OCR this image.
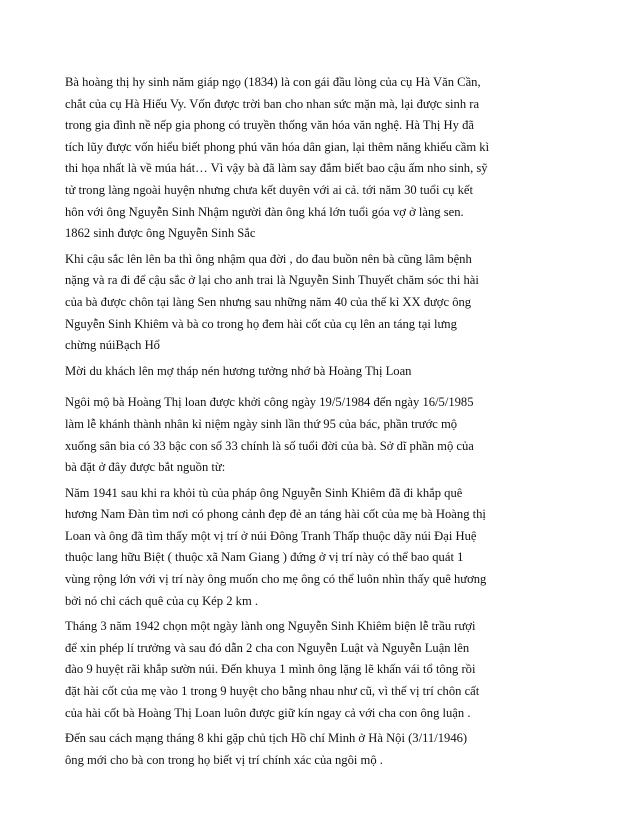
Bà hoàng thị hy sinh năm giáp ngọ (1834) là con gái đầu lòng của cụ Hà Văn Cần,
chắt của cụ Hà Hiếu Vy. Vốn được trời ban cho nhan sức mặn mà, lại được sinh ra
trong gia đình nề nếp gia phong có truyền thống văn hóa văn nghệ. Hà Thị Hy đã
tích lũy được vốn hiểu biết phong phú văn hóa dân gian, lại thêm năng khiếu cầm kì
thi họa nhất là về múa hát… Vì vậy bà đã làm say đắm biết bao cậu ấm nho sinh, sỹ
tử trong làng ngoài huyện nhưng chưa kết duyên với ai cả. tới năm 30 tuổi cụ kết
hôn với ông Nguyễn Sinh Nhậm người đàn ông khá lớn tuổi góa vợ ở làng sen.
1862 sinh được ông Nguyễn Sinh Sắc

Khi cậu sắc lên lên ba thì ông nhậm qua đời , do đau buồn nên bà cũng lâm bệnh
nặng và ra đi để cậu sắc ở lại cho anh trai là Nguyễn Sinh Thuyết chăm sóc thi hài
của bà được chôn tại làng Sen nhưng sau những năm 40 của thế kỉ XX được ông
Nguyễn Sinh Khiêm và bà co trong họ đem hài cốt của cụ lên an táng tại lưng
chừng núiBạch Hổ

Mời du khách lên mợ tháp nén hương tưởng nhớ bà Hoàng Thị Loan

Ngôi mộ bà Hoàng Thị loan được khởi công ngày 19/5/1984 đến ngày 16/5/1985
làm lễ khánh thành nhân kỉ niệm ngày sinh lần thứ 95 của bác, phần trước mộ
xuống sân bia có 33 bậc con số 33 chính là số tuổi đời của bà. Sở dĩ phần mộ của
bà đặt ở đây được bắt nguồn từ:

Năm 1941 sau khi ra khỏi tù của pháp ông Nguyễn Sinh Khiêm đã đi khắp quê
hương Nam Đàn tìm nơi có phong cảnh đẹp đẻ an táng hài cốt của mẹ bà Hoàng thị
Loan và ông đã tìm thấy một vị trí ở núi Đông Tranh Thấp thuộc dãy núi Đại Huệ
thuộc lang hữu Biệt ( thuộc xã Nam Giang ) đứng ở vị trí này có thể bao quát 1
vùng rộng lớn với vị trí này ông muốn cho mẹ ông có thể luôn nhìn thấy quê hương
bởi nó chỉ cách quê của cụ Kép 2 km .

Tháng 3 năm 1942 chọn một ngày lành ong Nguyễn Sinh Khiêm biện lễ trầu rượi
để xin phép lí trưởng và sau đó dẫn 2 cha con Nguyễn Luật và Nguyễn Luận lên
đào 9 huyệt rãi khắp sườn núi. Đến khuya 1 mình ông lặng lẽ khấn vái tổ tông rồi
đặt hài cốt của mẹ vào 1 trong 9 huyệt cho bằng nhau như cũ, vì thế vị trí chôn cất
của hài cốt bà Hoàng Thị Loan luôn được giữ kín ngay cả với cha con ông luận .

Đến sau cách mạng tháng 8 khi gặp chủ tịch Hồ chí Minh ở Hà Nội (3/11/1946)
ông mới cho bà con trong họ biết vị trí chính xác của ngôi mộ .
